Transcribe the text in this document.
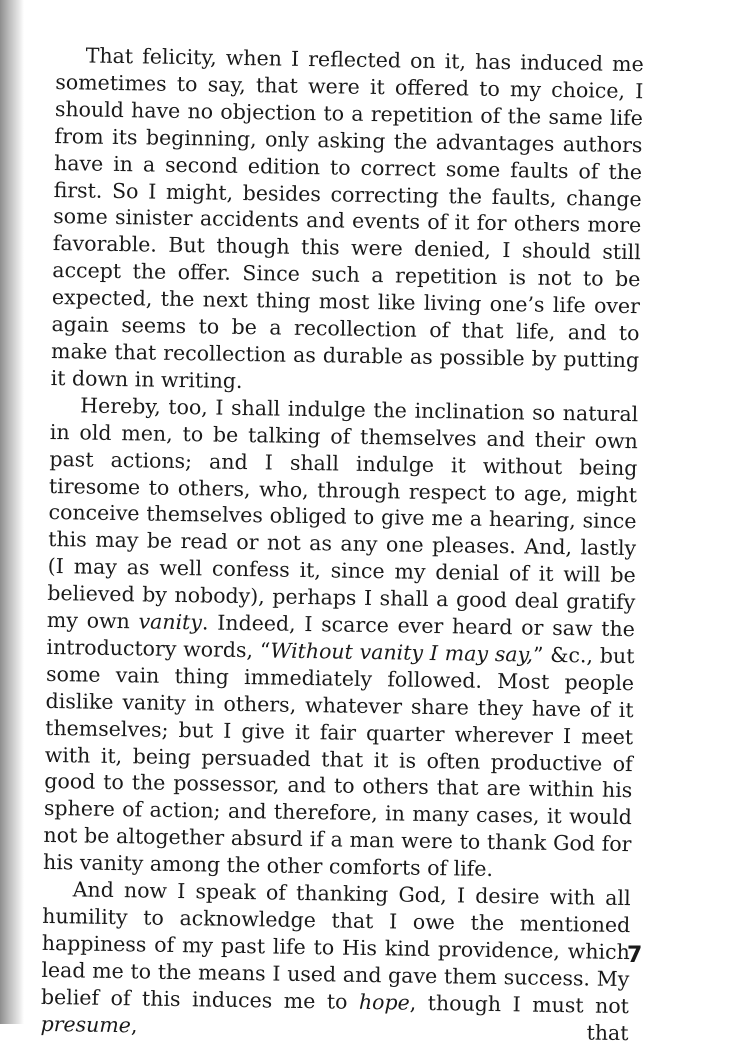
That felicity, when I reflected on it, has induced me sometimes to say, that were it offered to my choice, I should have no objection to a repetition of the same life from its beginning, only asking the advantages authors have in a second edition to correct some faults of the first. So I might, besides correcting the faults, change some sinister accidents and events of it for others more favorable. But though this were denied, I should still accept the offer. Since such a repetition is not to be expected, the next thing most like living one’s life over again seems to be a recollection of that life, and to make that recollection as durable as possible by putting it down in writing.

Hereby, too, I shall indulge the inclination so natural in old men, to be talking of themselves and their own past actions; and I shall indulge it without being tiresome to others, who, through respect to age, might conceive themselves obliged to give me a hearing, since this may be read or not as any one pleases. And, lastly (I may as well confess it, since my denial of it will be believed by nobody), perhaps I shall a good deal gratify my own vanity. Indeed, I scarce ever heard or saw the introductory words, “Without vanity I may say,” &c., but some vain thing immediately followed. Most people dislike vanity in others, whatever share they have of it themselves; but I give it fair quarter wherever I meet with it, being persuaded that it is often productive of good to the possessor, and to others that are within his sphere of action; and therefore, in many cases, it would not be altogether absurd if a man were to thank God for his vanity among the other comforts of life.

And now I speak of thanking God, I desire with all humility to acknowledge that I owe the mentioned happiness of my past life to His kind providence, which lead me to the means I used and gave them success. My belief of this induces me to hope, though I must not presume, that

7
